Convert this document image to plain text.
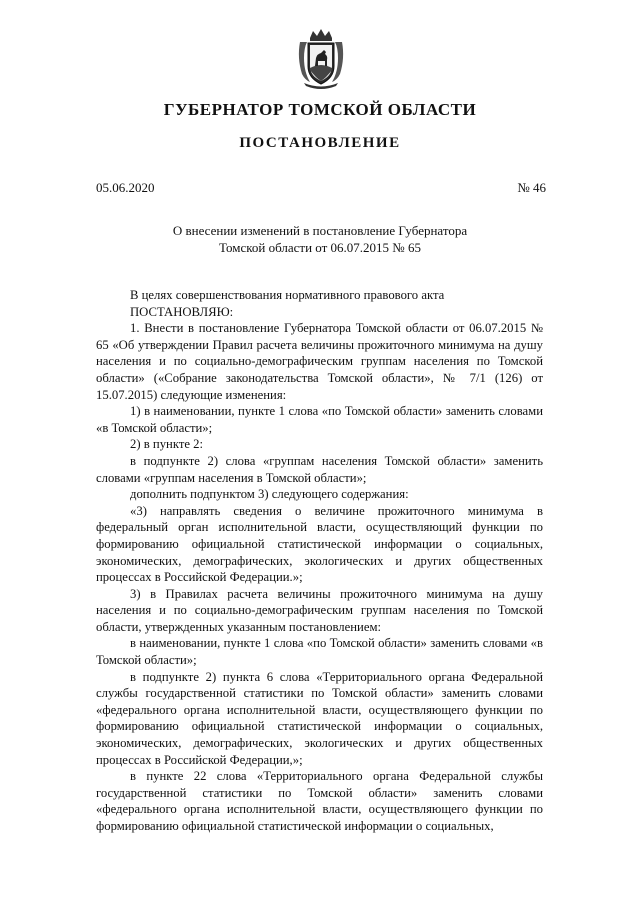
ГУБЕРНАТОР ТОМСКОЙ ОБЛАСТИ
ПОСТАНОВЛЕНИЕ
05.06.2020	№ 46
О внесении изменений в постановление Губернатора
Томской области от 06.07.2015 № 65

В целях совершенствования нормативного правового акта

ПОСТАНОВЛЯЮ:

1. Внести в постановление Губернатора Томской области от 06.07.2015 № 65 «Об утверждении Правил расчета величины прожиточного минимума на душу населения и по социально-демографическим группам населения по Томской области» («Собрание законодательства Томской области», № 7/1 (126) от 15.07.2015) следующие изменения:

1) в наименовании, пункте 1 слова «по Томской области» заменить словами «в Томской области»;

2) в пункте 2:

в подпункте 2) слова «группам населения Томской области» заменить словами «группам населения в Томской области»;

дополнить подпунктом 3) следующего содержания:

«3) направлять сведения о величине прожиточного минимума в федеральный орган исполнительной власти, осуществляющий функции по формированию официальной статистической информации о социальных, экономических, демографических, экологических и других общественных процессах в Российской Федерации.»;

3) в Правилах расчета величины прожиточного минимума на душу населения и по социально-демографическим группам населения по Томской области, утвержденных указанным постановлением:

в наименовании, пункте 1 слова «по Томской области» заменить словами «в Томской области»;

в подпункте 2) пункта 6 слова «Территориального органа Федеральной службы государственной статистики по Томской области» заменить словами «федерального органа исполнительной власти, осуществляющего функции по формированию официальной статистической информации о социальных, экономических, демографических, экологических и других общественных процессах в Российской Федерации,»;

в пункте 22 слова «Территориального органа Федеральной службы государственной статистики по Томской области» заменить словами «федерального органа исполнительной власти, осуществляющего функции по формированию официальной статистической информации о социальных,
